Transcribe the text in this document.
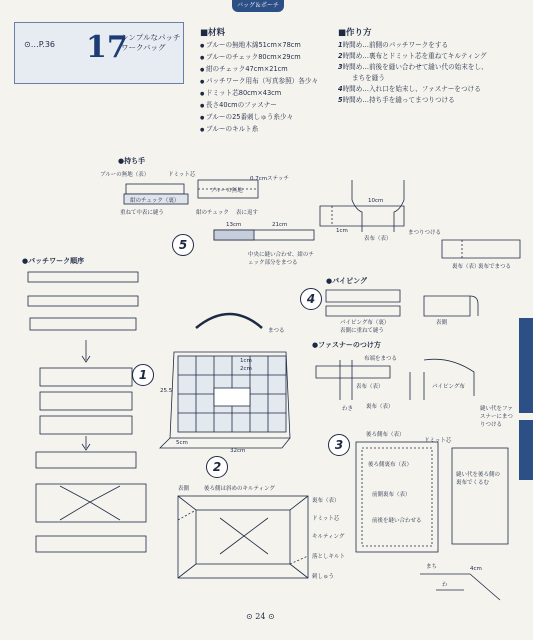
バッグ＆ポーチ
⊙…P.36 17
シンプルなパッチワークバッグ
■材料
● ブルーの無地木綿51cm×78cm
● ブルーのチェック80cm×29cm
● 紺のチェック47cm×21cm
● パッチワーク用布（写真参照）各少々
● ドミット芯80cm×43cm
● 長さ40cmのファスナー
● ブルーの25番刺しゅう糸少々
● ブルーのキルト糸
■作り方
1時間め…前側のパッチワークをする
2時間め…裏布とドミット芯を重ねてキルティング
3時間め…前後を縫い合わせて縫い代の始末をし、
まちを縫う
4時間め…入れ口を始末し、ファスナーをつける
5時間め…持ち手を縫ってまつりつける
●持ち手
●パッチワーク順序
●パイピング
●ファスナーのつけ方
ブルーの無地（表）	ドミット芯
紺のチェック（裏）
重ねて中表に縫う
0.7cmステッチ
ブルーの無地
紺のチェック 表に返す
10cm
1cm
表布（表）
まつりつける
13cm	21cm
中央に縫い合わせ、紺のチェック部分をまつる
裏布（表）
裏布でまつる
パイピング布（裏）
表側に重ねて縫う
表側
布端をまつる
表布（表）	パイピング布
裏布（表）
わき	縫い代をファスナーにまつりつける
まつる
25.5
5cm
32cm
1cm
2cm
表側	後ろ側は斜めのキルティング
裏布（表）
ドミット芯
キルティング
落としキルト
刺しゅう
後ろ側布（表）
ドミット芯
後ろ側裏布（表）
前側裏布（表）
前後を縫い合わせる
縫い代を後ろ側の裏布でくるむ
まち	4cm
わ
1
2
3
4
5
⊙ 24 ⊙
